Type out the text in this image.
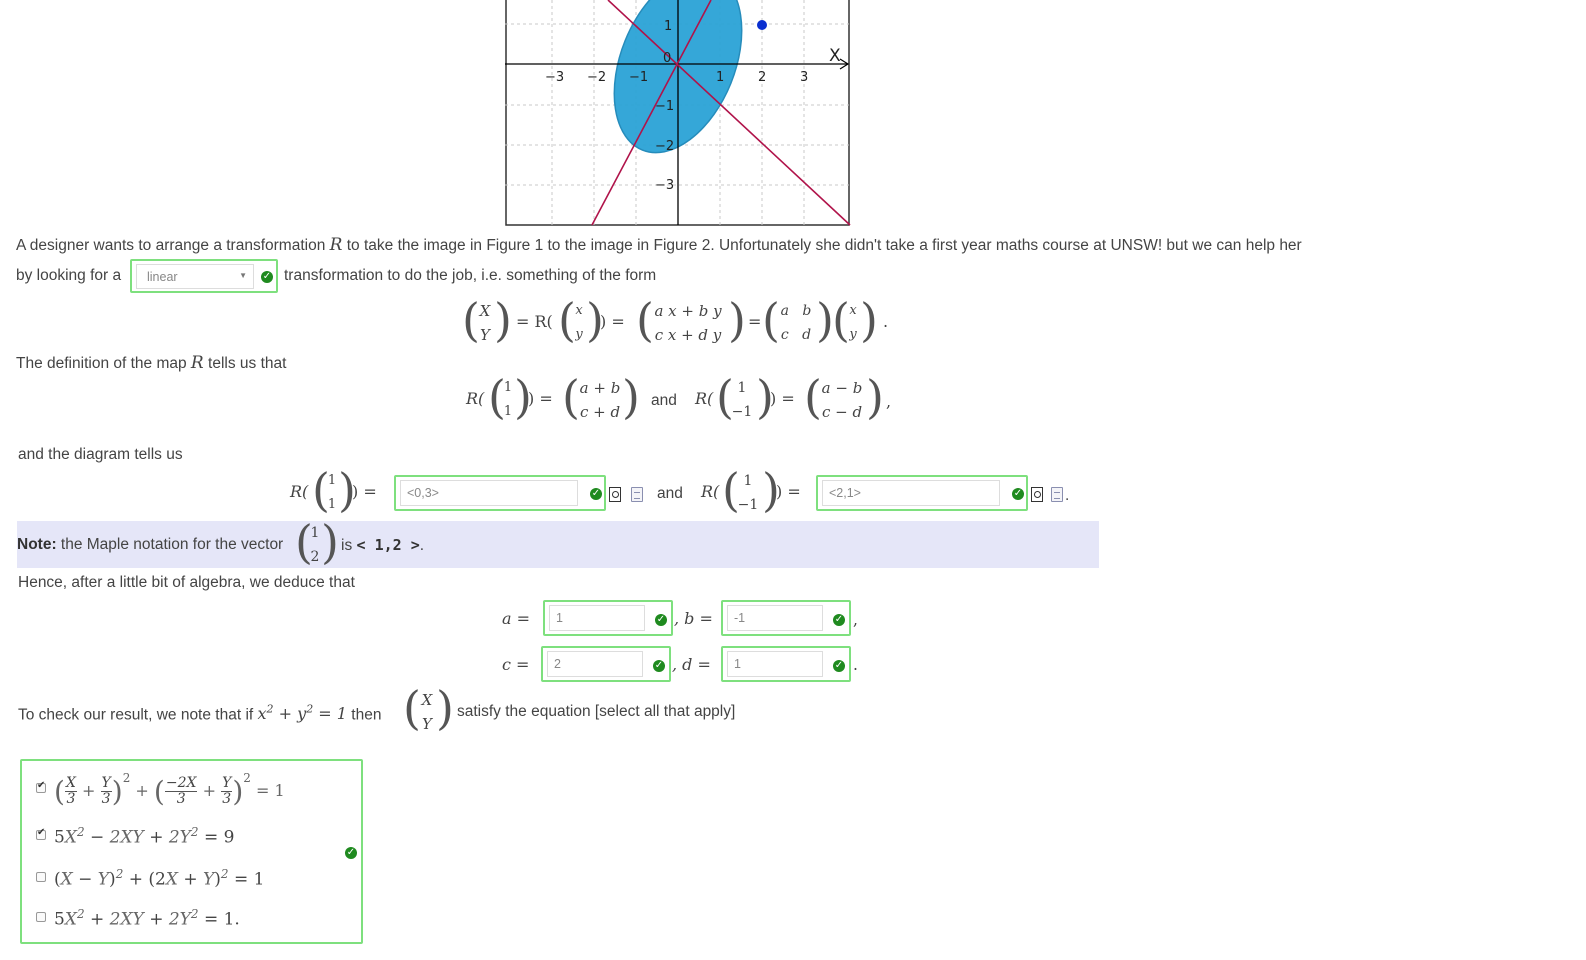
X
−3 −2 −1	1	2	3
1
0
−1
−2
−3
A designer wants to arrange a transformation R to take the image in Figure 1 to the image in Figure 2. Unfortunately she didn't take a first year maths course at UNSW! but we can help her
by looking for a linear	▼ ✓ transformation to do the job, i.e. something of the form
( X
Y ) = R( ( x
y )
) = ( a x + b y
c x + d y ) = ( a b
c d )
( x
y ) .
The definition of the map R tells us that
R( (
1
1 )
) = ( a + b
c + d ) and R( ( 1
−1 )
) = ( a − b
c − d ) ,
and the diagram tells us
R( (
1
1 )
) =
<0,3>	✓	and R( ( 1
−1 )
) =
<2,1>	✓	.
Note: the Maple notation for the vector (
1
2 ) is < 1,2 >.
Hence, after a little bit of algebra, we deduce that
a =
1	✓ , b =
-1	✓ ,
c =
2	✓ , d =
1	✓ .
To check our result, we note that if $x^2 + y^2 = 1$ then ( X
Y ) satisfy the equation [select all that apply]
✓
✔
( $\frac{X}{3} + \frac{Y}{3} )^2$ + ( $\frac{-2X}{3} + \frac{Y}{3} )^2 = 1$
✔
$5X^2 - 2XY + 2Y^2 = 9$
$(X - Y)^2 + (2X + Y)^2 = 1$
$5X^2 + 2XY + 2Y^2 = 1$.
